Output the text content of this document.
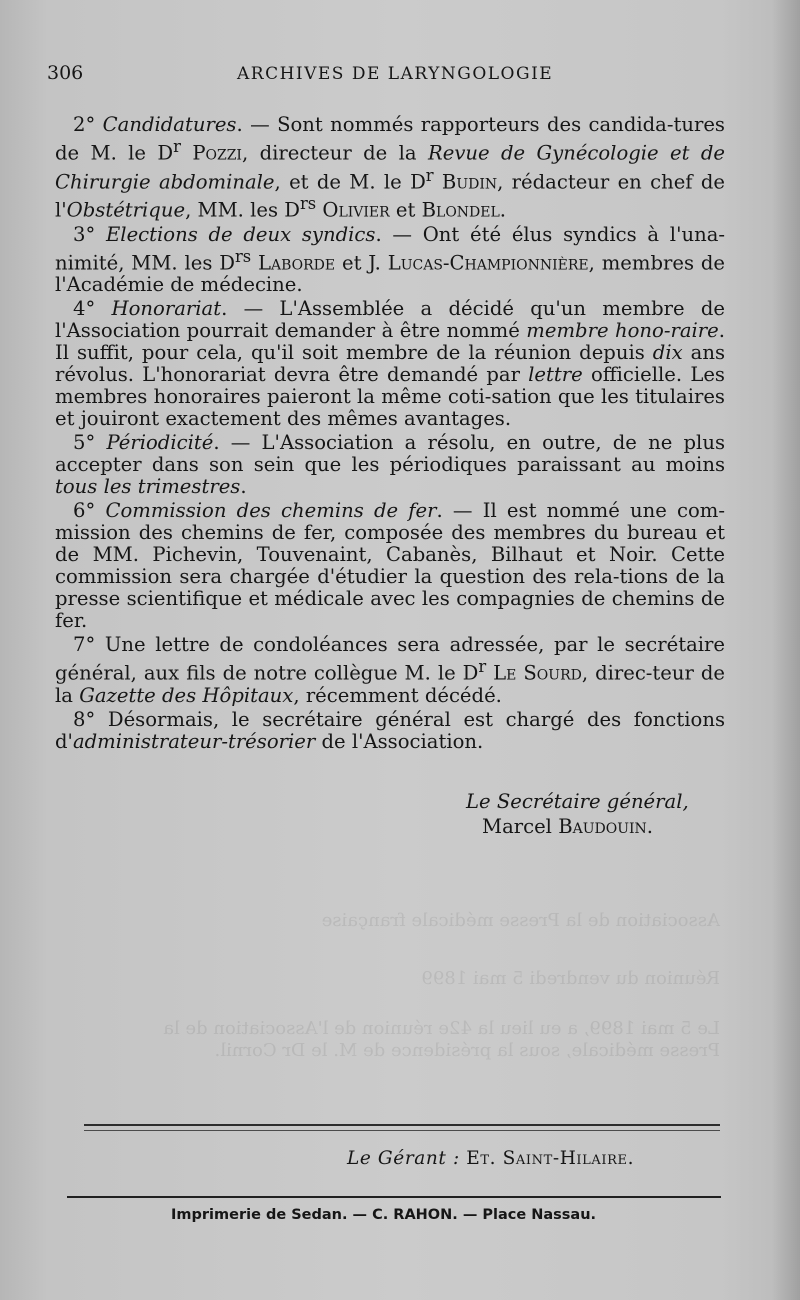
306	ARCHIVES DE LARYNGOLOGIE

2° Candidatures. — Sont nommés rapporteurs des candida-tures de M. le $D^r$ Pozzi, directeur de la Revue de Gynécologie et de Chirurgie abdominale, et de M. le $D^r$ Budin, rédacteur en chef de l'Obstétrique, MM. les $D^{rs}$ Olivier et Blondel.

3° Elections de deux syndics. — Ont été élus syndics à l'una-nimité, MM. les $D^{rs}$ Laborde et J. Lucas-Championnière, membres de l'Académie de médecine.

4° Honorariat. — L'Assemblée a décidé qu'un membre de l'Association pourrait demander à être nommé membre hono-raire. Il suffit, pour cela, qu'il soit membre de la réunion depuis dix ans révolus. L'honorariat devra être demandé par lettre officielle. Les membres honoraires paieront la même coti-sation que les titulaires et jouiront exactement des mêmes avantages.

5° Périodicité. — L'Association a résolu, en outre, de ne plus accepter dans son sein que les périodiques paraissant au moins tous les trimestres.

6° Commission des chemins de fer. — Il est nommé une com-mission des chemins de fer, composée des membres du bureau et de MM. Pichevin, Touvenaint, Cabanès, Bilhaut et Noir. Cette commission sera chargée d'étudier la question des rela-tions de la presse scientifique et médicale avec les compagnies de chemins de fer.

7° Une lettre de condoléances sera adressée, par le secrétaire général, aux fils de notre collègue M. le $D^r$ Le Sourd, direc-teur de la Gazette des Hôpitaux, récemment décédé.

8° Désormais, le secrétaire général est chargé des fonctions d'administrateur-trésorier de l'Association.

Le Secrétaire général,
Marcel Baudouin.
Association de la Presse médicale française
Réunion du vendredi 5 mai 1899
Le 5 mai 1899, a eu lieu la 42e réunion de l'Association de la
Presse médicale, sous la présidence de M. le Dr Cornil.
Le Gérant : Et. Saint-Hilaire.
Imprimerie de Sedan. — C. RAHON. — Place Nassau.
